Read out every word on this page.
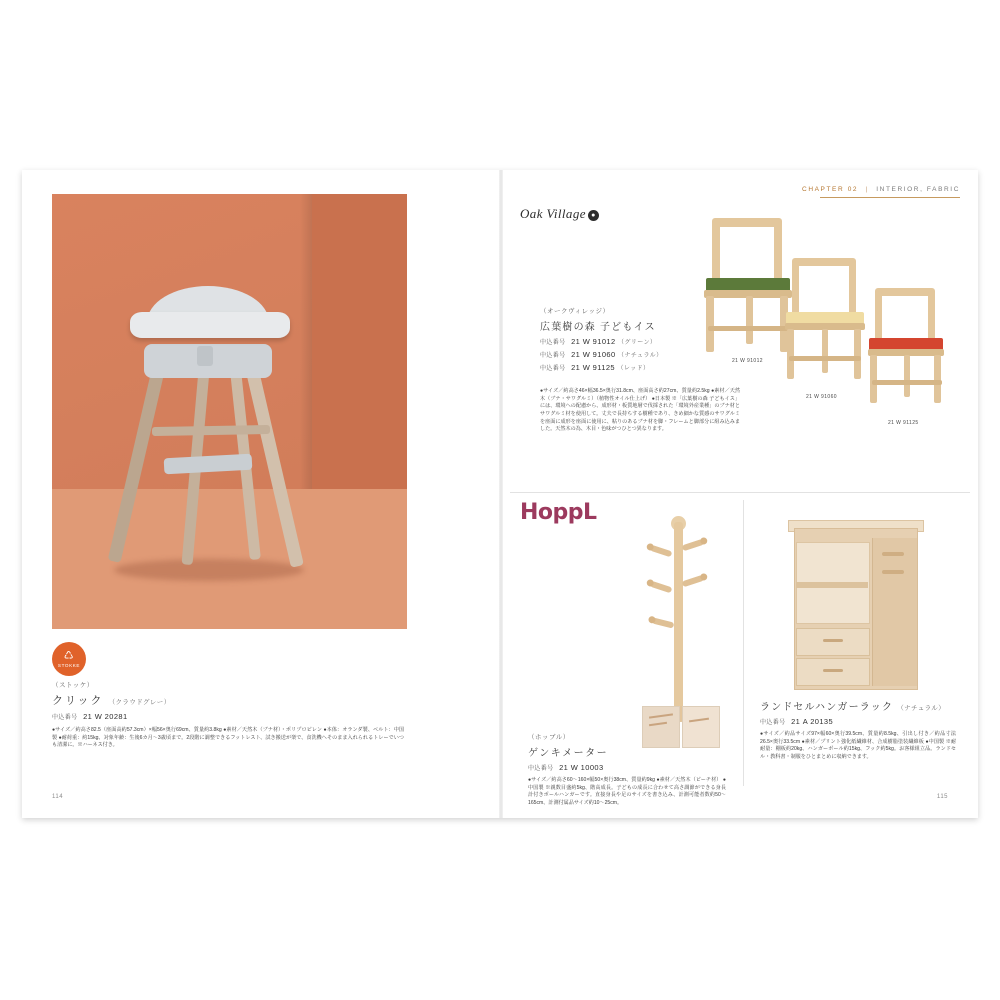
♺
STOKKE
（ストッケ）
クリック （クラウドグレー）
中込番号 21 W 20281
●サイズ／約高さ82.5（座面高約57.3cm）×幅56×奥行69cm、質量約3.8kg ●素材／天然木（ブナ材）・ポリプロピレン ●本体：オランダ製、ベルト：中国製 ●耐荷重：約15kg、対象年齢：生後6カ月～3歳頃まで。2段階に調整できるフットレスト、試き搬送が楽で、食洗機へそのまま入れられるトレーでいつも清潔に。※ハーネス付き。
114
CHAPTER 02 | INTERIOR, FABRIC
Oak Village ●
21 W 91012
21 W 91060
21 W 91125
（オークヴィレッジ）
広葉樹の森 子どもイス
中込番号 21 W 91012 （グリーン）
中込番号 21 W 91060 （ナチュラル）
中込番号 21 W 91125 （レッド）
●サイズ／約高さ46×幅36.5×奥行31.8cm、座面高さ約27cm、質量約2.5kg ●素材／天然木（ブナ・サワグルミ）（植物性オイル仕上げ） ●日本製 ※「広葉樹の森 子どもイス」には、環境への配慮から、成形材・板質地層で伐採された「環境外産業種」のブナ材とサワグルミ材を使用して。丈夫で長持ちする樹種であり、きめ細かな質感のサワグルミを座面に成形を座面に使用に、粘りのあるブナ材を脚・フレームと脚部分に組み込みました。天然木の為、木目・色味がつひとつ異なります。
HoppL
（ホッブル）
ゲンキメーター
中込番号 21 W 10003
●サイズ／約高さ60～160×幅50×奥行38cm、質量約9kg ●素材／天然木（ビーチ材） ●中国製 ※親数目盛約5kg、階高成長。子どもの成長に合わせて高さ調節ができる身長計付きポールハンガーです。直接身長や足のサイズを書き込み、計測可能者数約50～165cm、計測付属品サイズ約10～25cm。
ランドセルハンガーラック （ナチュラル）
中込番号 21 A 20135
●サイズ／約品サイズ97×幅60×奥行39.5cm、質量約8.5kg、引出し付き／約品寸法26.5×奥行33.5cm ●素材／プリント強化紙繊維材、合成樹脂塗装繊維板 ●中国製 ※耐耐量：棚板約20kg、ハンガーボール約15kg、フック約5kg。お客様組立品。ランドセル・教科書・制服をひとまとめに収納できます。
115
